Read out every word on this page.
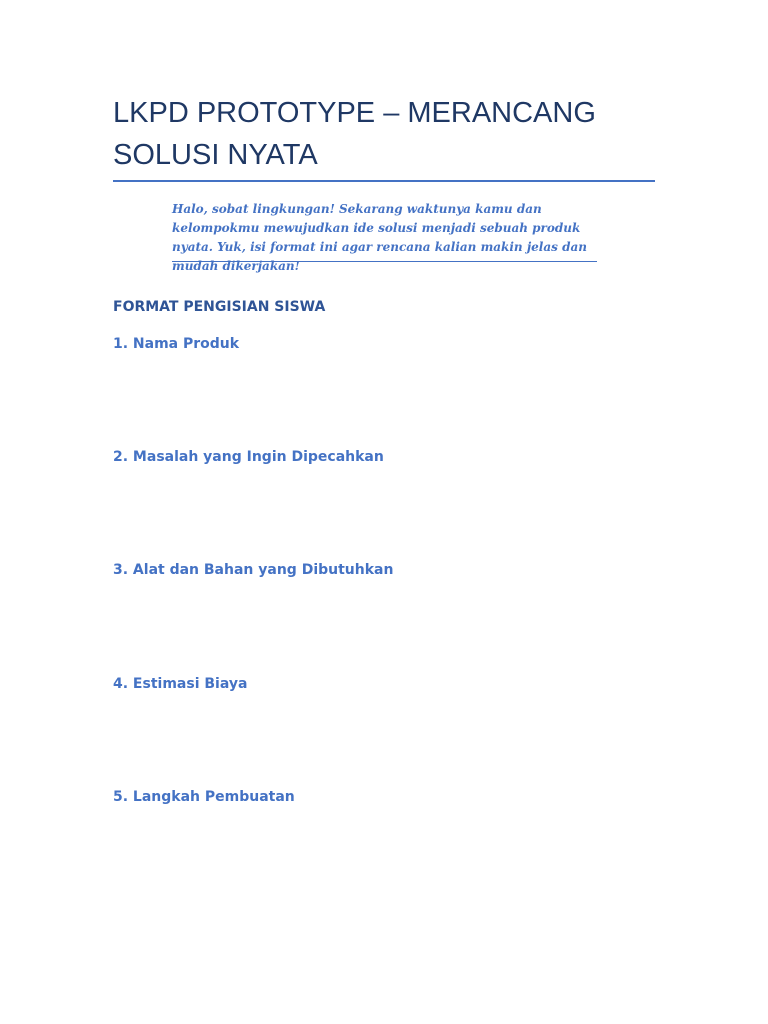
LKPD PROTOTYPE – MERANCANG SOLUSI NYATA

Halo, sobat lingkungan! Sekarang waktunya kamu dan kelompokmu mewujudkan ide solusi menjadi sebuah produk nyata. Yuk, isi format ini agar rencana kalian makin jelas dan mudah dikerjakan!

FORMAT PENGISIAN SISWA
1. Nama Produk
2. Masalah yang Ingin Dipecahkan
3. Alat dan Bahan yang Dibutuhkan
4. Estimasi Biaya
5. Langkah Pembuatan
